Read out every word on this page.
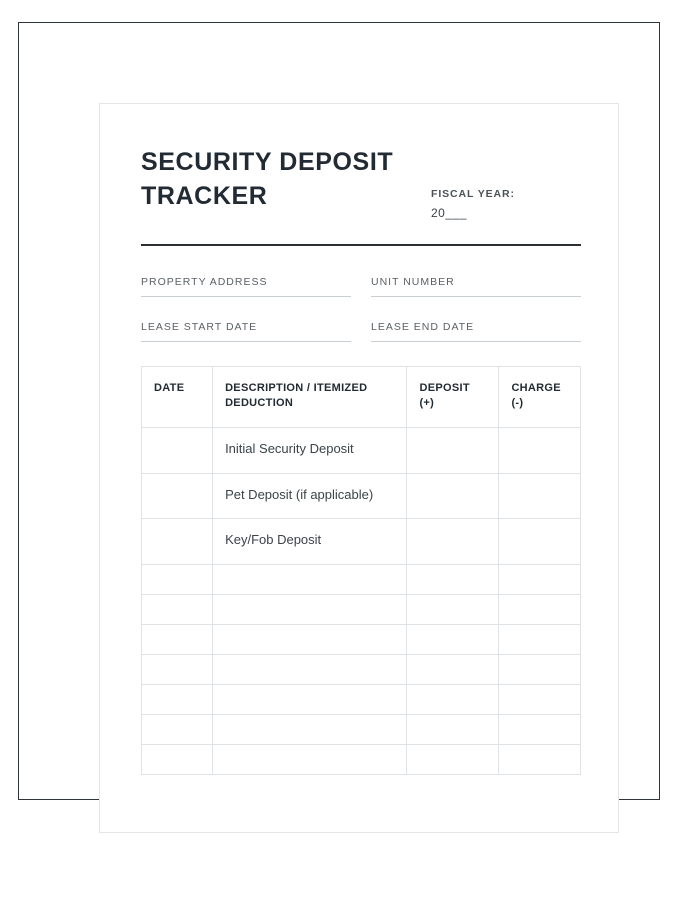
SECURITY DEPOSIT TRACKER	FISCAL YEAR:
20___
PROPERTY ADDRESS	UNIT NUMBER
LEASE START DATE	LEASE END DATE
DATE	DESCRIPTION / ITEMIZED DEDUCTION	DEPOSIT (+)	CHARGE (-)
	Initial Security Deposit		
	Pet Deposit (if applicable)		
	Key/Fob Deposit		
